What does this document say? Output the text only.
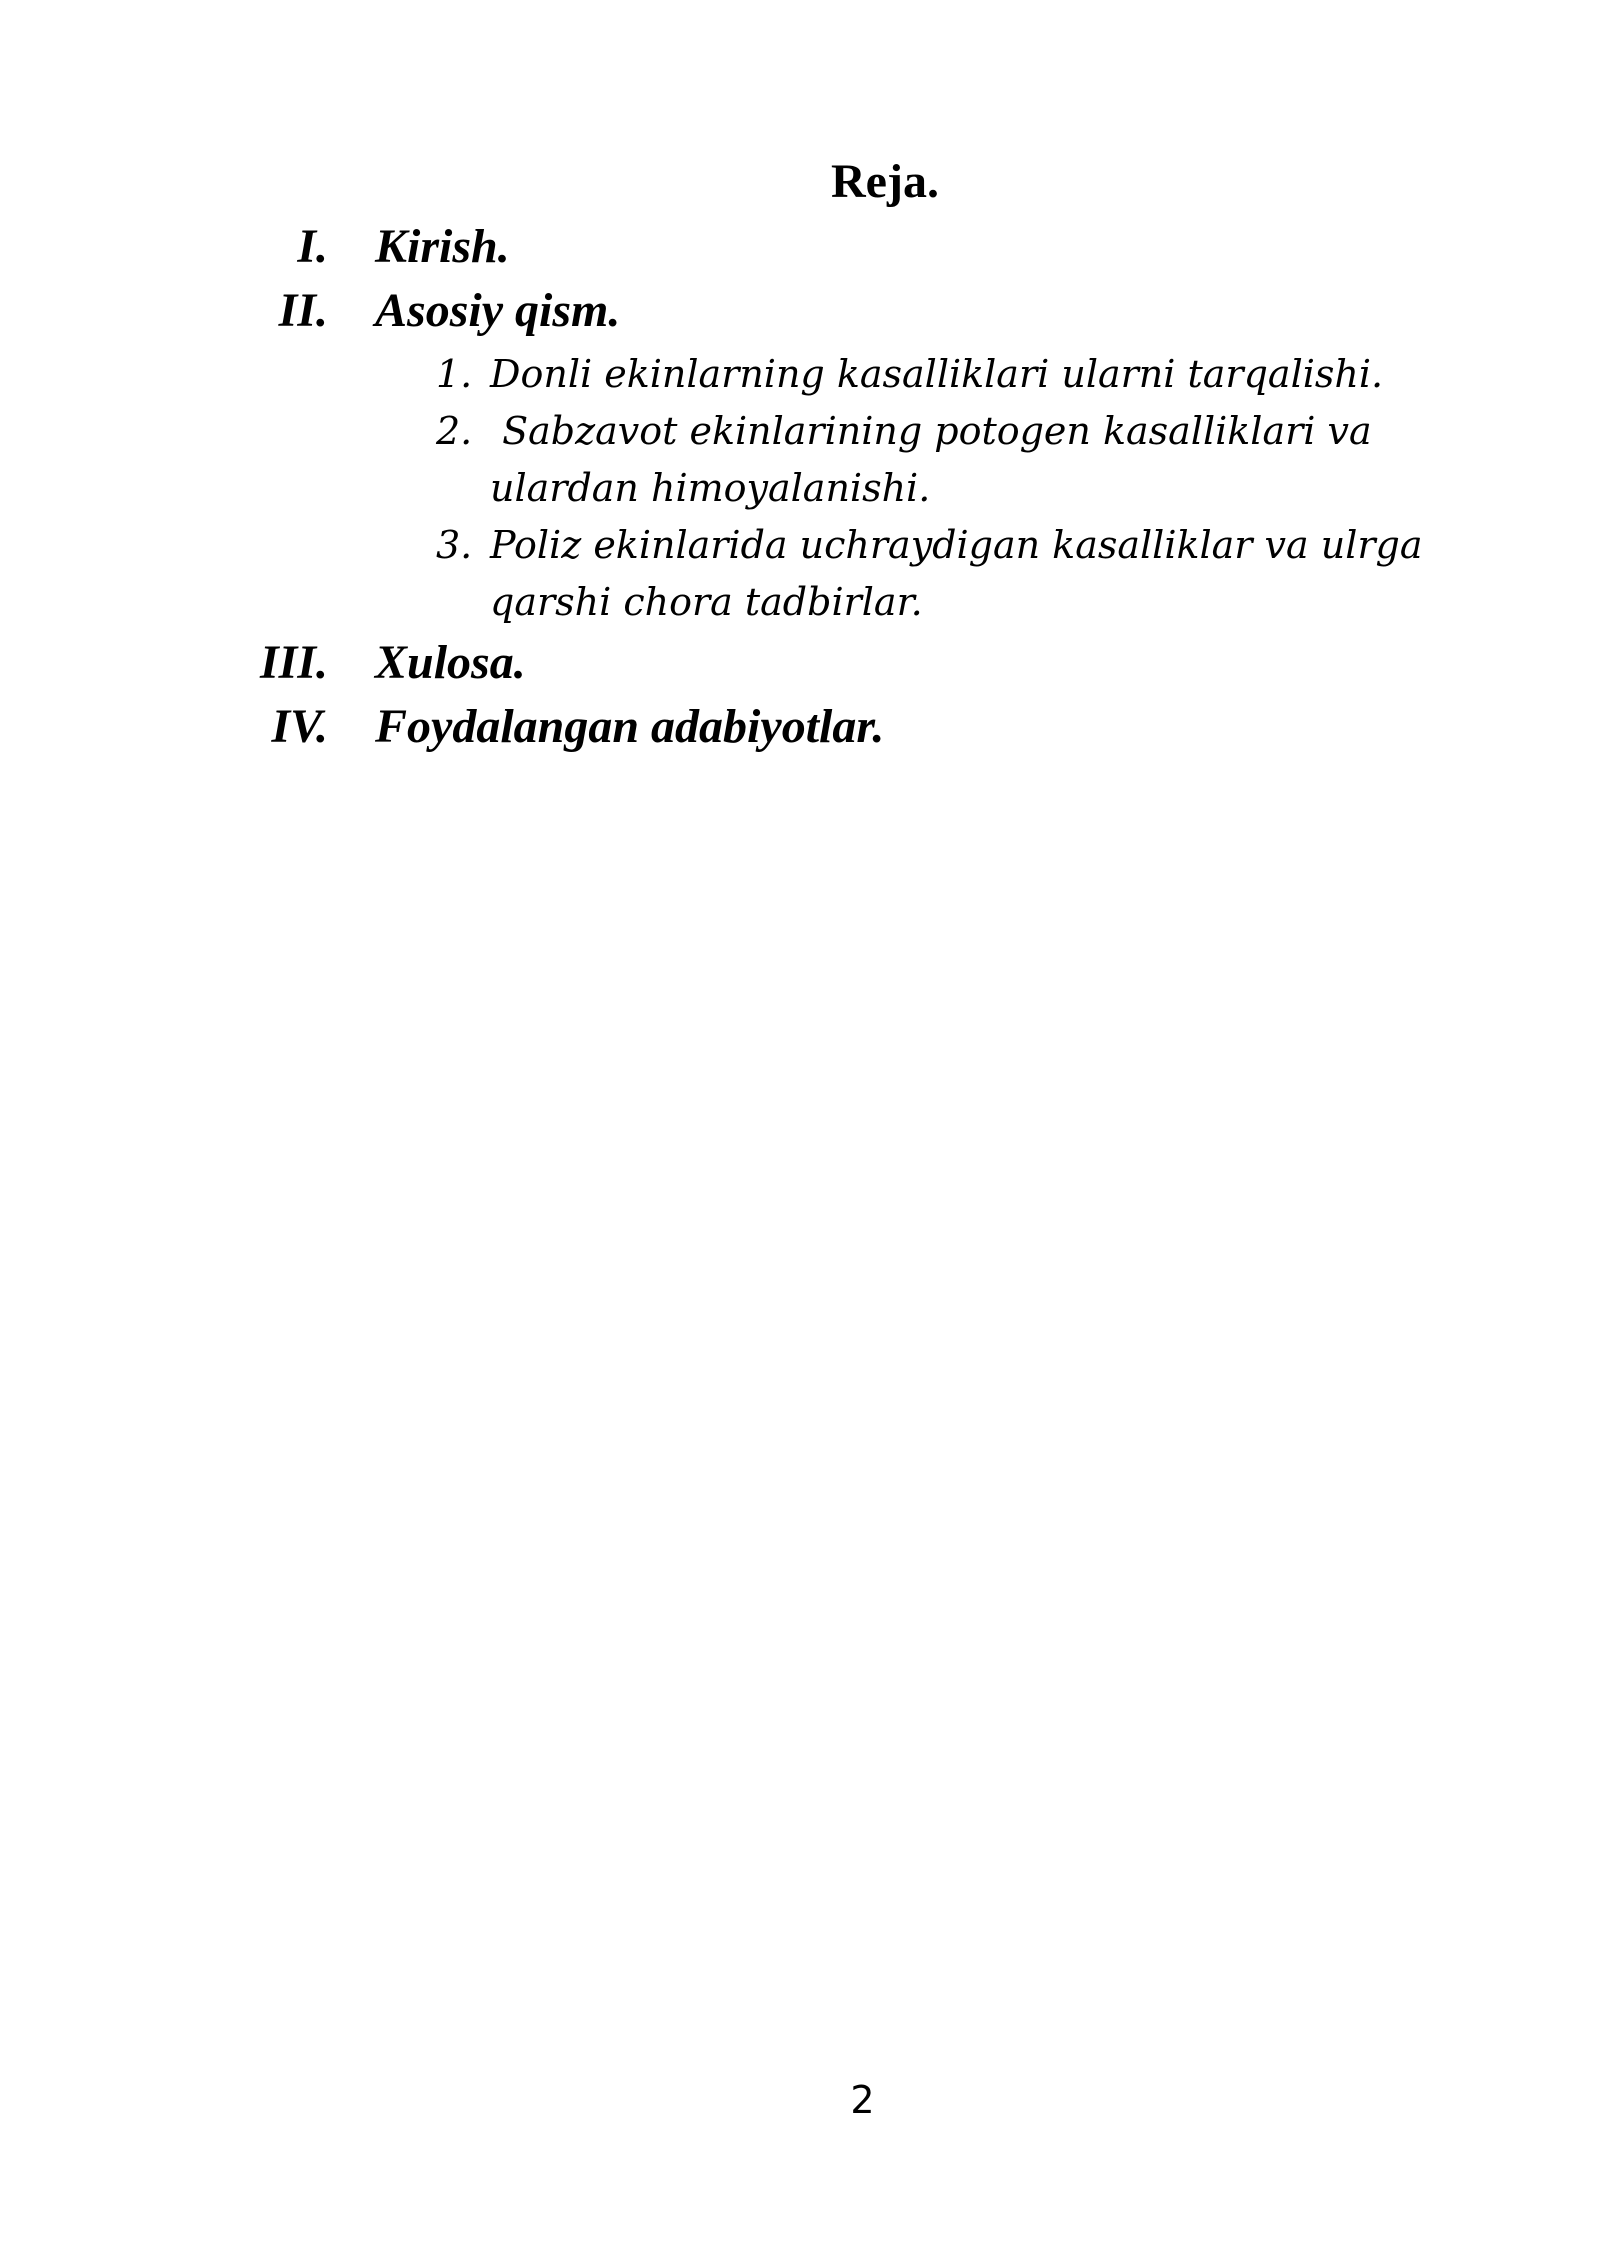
Reja.
I. Kirish.
II. Asosiy qism.
1. Donli ekinlarning kasalliklari ularni tarqalishi.
2. Sabzavot ekinlarining potogen kasalliklari va ulardan himoyalanishi.
3. Poliz ekinlarida uchraydigan kasalliklar va ulrga qarshi chora tadbirlar.
III. Xulosa.
IV. Foydalangan adabiyotlar.
2
